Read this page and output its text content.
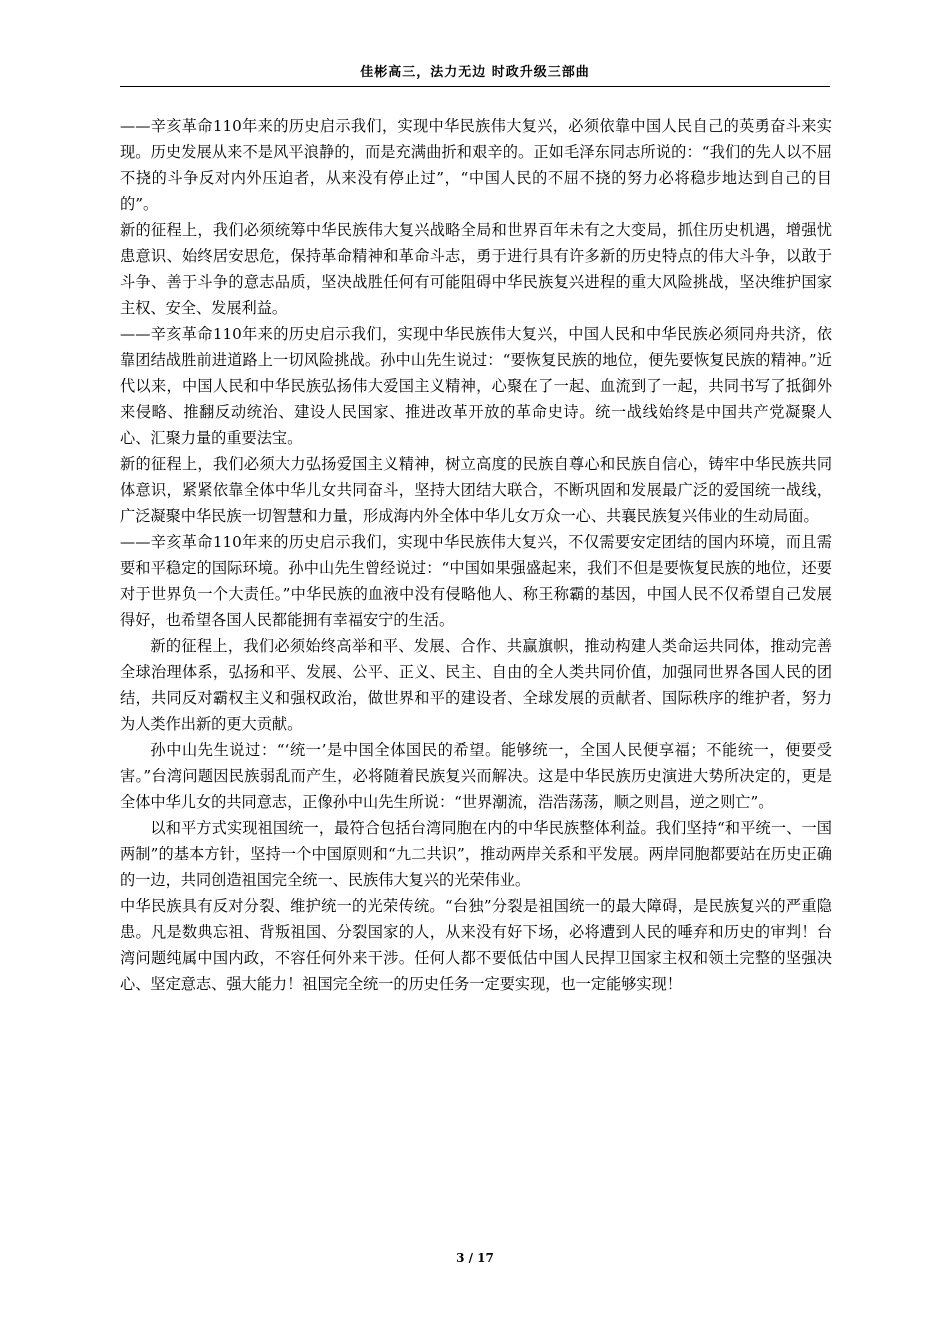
佳彬高三，法力无边 时政升级三部曲

——辛亥革命110年来的历史启示我们，实现中华民族伟大复兴，必须依靠中国人民自己的英勇奋斗来实现。历史发展从来不是风平浪静的，而是充满曲折和艰辛的。正如毛泽东同志所说的：“我们的先人以不屈不挠的斗争反对内外压迫者，从来没有停止过”，“中国人民的不屈不挠的努力必将稳步地达到自己的目的”。

新的征程上，我们必须统筹中华民族伟大复兴战略全局和世界百年未有之大变局，抓住历史机遇，增强忧患意识、始终居安思危，保持革命精神和革命斗志，勇于进行具有许多新的历史特点的伟大斗争，以敢于斗争、善于斗争的意志品质，坚决战胜任何有可能阻碍中华民族复兴进程的重大风险挑战，坚决维护国家主权、安全、发展利益。

——辛亥革命110年来的历史启示我们，实现中华民族伟大复兴，中国人民和中华民族必须同舟共济，依靠团结战胜前进道路上一切风险挑战。孙中山先生说过：“要恢复民族的地位，便先要恢复民族的精神。”近代以来，中国人民和中华民族弘扬伟大爱国主义精神，心聚在了一起、血流到了一起，共同书写了抵御外来侵略、推翻反动统治、建设人民国家、推进改革开放的革命史诗。统一战线始终是中国共产党凝聚人心、汇聚力量的重要法宝。

新的征程上，我们必须大力弘扬爱国主义精神，树立高度的民族自尊心和民族自信心，铸牢中华民族共同体意识，紧紧依靠全体中华儿女共同奋斗，坚持大团结大联合，不断巩固和发展最广泛的爱国统一战线，广泛凝聚中华民族一切智慧和力量，形成海内外全体中华儿女万众一心、共襄民族复兴伟业的生动局面。

——辛亥革命110年来的历史启示我们，实现中华民族伟大复兴，不仅需要安定团结的国内环境，而且需要和平稳定的国际环境。孙中山先生曾经说过：“中国如果强盛起来，我们不但是要恢复民族的地位，还要对于世界负一个大责任。”中华民族的血液中没有侵略他人、称王称霸的基因，中国人民不仅希望自己发展得好，也希望各国人民都能拥有幸福安宁的生活。

新的征程上，我们必须始终高举和平、发展、合作、共赢旗帜，推动构建人类命运共同体，推动完善全球治理体系，弘扬和平、发展、公平、正义、民主、自由的全人类共同价值，加强同世界各国人民的团结，共同反对霸权主义和强权政治，做世界和平的建设者、全球发展的贡献者、国际秩序的维护者，努力为人类作出新的更大贡献。

孙中山先生说过：“‘统一’是中国全体国民的希望。能够统一，全国人民便享福；不能统一，便要受害。”台湾问题因民族弱乱而产生，必将随着民族复兴而解决。这是中华民族历史演进大势所决定的，更是全体中华儿女的共同意志，正像孙中山先生所说：“世界潮流，浩浩荡荡，顺之则昌，逆之则亡”。

以和平方式实现祖国统一，最符合包括台湾同胞在内的中华民族整体利益。我们坚持“和平统一、一国两制”的基本方针，坚持一个中国原则和“九二共识”，推动两岸关系和平发展。两岸同胞都要站在历史正确的一边，共同创造祖国完全统一、民族伟大复兴的光荣伟业。

中华民族具有反对分裂、维护统一的光荣传统。“台独”分裂是祖国统一的最大障碍，是民族复兴的严重隐患。凡是数典忘祖、背叛祖国、分裂国家的人，从来没有好下场，必将遭到人民的唾弃和历史的审判！台湾问题纯属中国内政，不容任何外来干涉。任何人都不要低估中国人民捍卫国家主权和领土完整的坚强决心、坚定意志、强大能力！祖国完全统一的历史任务一定要实现，也一定能够实现！

3 / 17
